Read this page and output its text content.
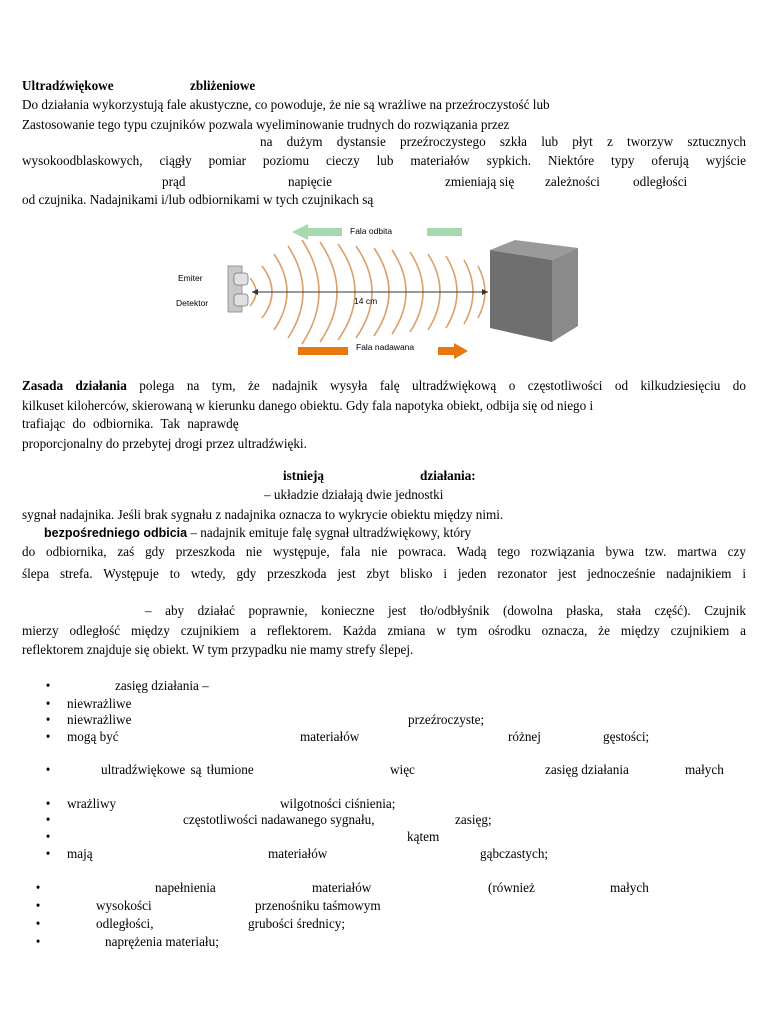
Ultradźwiękowe	zbliżeniowe
Do działania wykorzystują fale akustyczne, co powoduje, że nie są wrażliwe na przeźroczystość lub
Zastosowanie tego typu czujników pozwala wyeliminowanie trudnych do rozwiązania przez
na dużym dystansie przeźroczystego szkła lub płyt z tworzyw sztucznych
wysokoodblaskowych, ciągły pomiar poziomu cieczy lub materiałów sypkich. Niektóre typy oferują wyjście
prąd	napięcie	zmieniają się zależności	odległości
od czujnika. Nadajnikami i/lub odbiornikami w tych czujnikach są
Fala odbita
Emiter
Detektor	14 cm
Fala nadawana
Zasada działania polega na tym, że nadajnik wysyła falę ultradźwiękową o częstotliwości od kilkudziesięciu do
kilkuset kiloherców, skierowaną w kierunku danego obiektu. Gdy fala napotyka obiekt, odbija się od niego i
trafiając do odbiornika. Tak naprawdę
proporcjonalny do przebytej drogi przez ultradźwięki.
istnieją	działania:
– układzie działają dwie jednostki
sygnał nadajnika. Jeśli brak sygnału z nadajnika oznacza to wykrycie obiektu między nimi.
bezpośredniego odbicia – nadajnik emituje falę sygnał ultradźwiękowy, który
do odbiornika, zaś gdy przeszkoda nie występuje, fala nie powraca. Wadą tego rozwiązania bywa tzw. martwa czy
ślepa strefa. Występuje to wtedy, gdy przeszkoda jest zbyt blisko i jeden rezonator jest jednocześnie nadajnikiem i
– aby działać poprawnie, konieczne jest tło/odbłyśnik (dowolna płaska, stała część). Czujnik
mierzy odległość między czujnikiem a reflektorem. Każda zmiana w tym ośrodku oznacza, że między czujnikiem a
reflektorem znajduje się obiekt. W tym przypadku nie mamy strefy ślepej.
•	zasięg działania –
• niewrażliwe
• niewrażliwe	przeźroczyste;
• mogą być	materiałów	różnej	gęstości;
•	ultradźwiękowe są tłumione	więc	zasięg działania	małych
• wrażliwy	wilgotności ciśnienia;
•	częstotliwości nadawanego sygnału,	zasięg;
•	kątem
• mają	materiałów	gąbczastych;
•	napełnienia	materiałów	(również	małych
•	wysokości	przenośniku taśmowym
•	odległości,	grubości średnicy;
•	naprężenia materiału;
